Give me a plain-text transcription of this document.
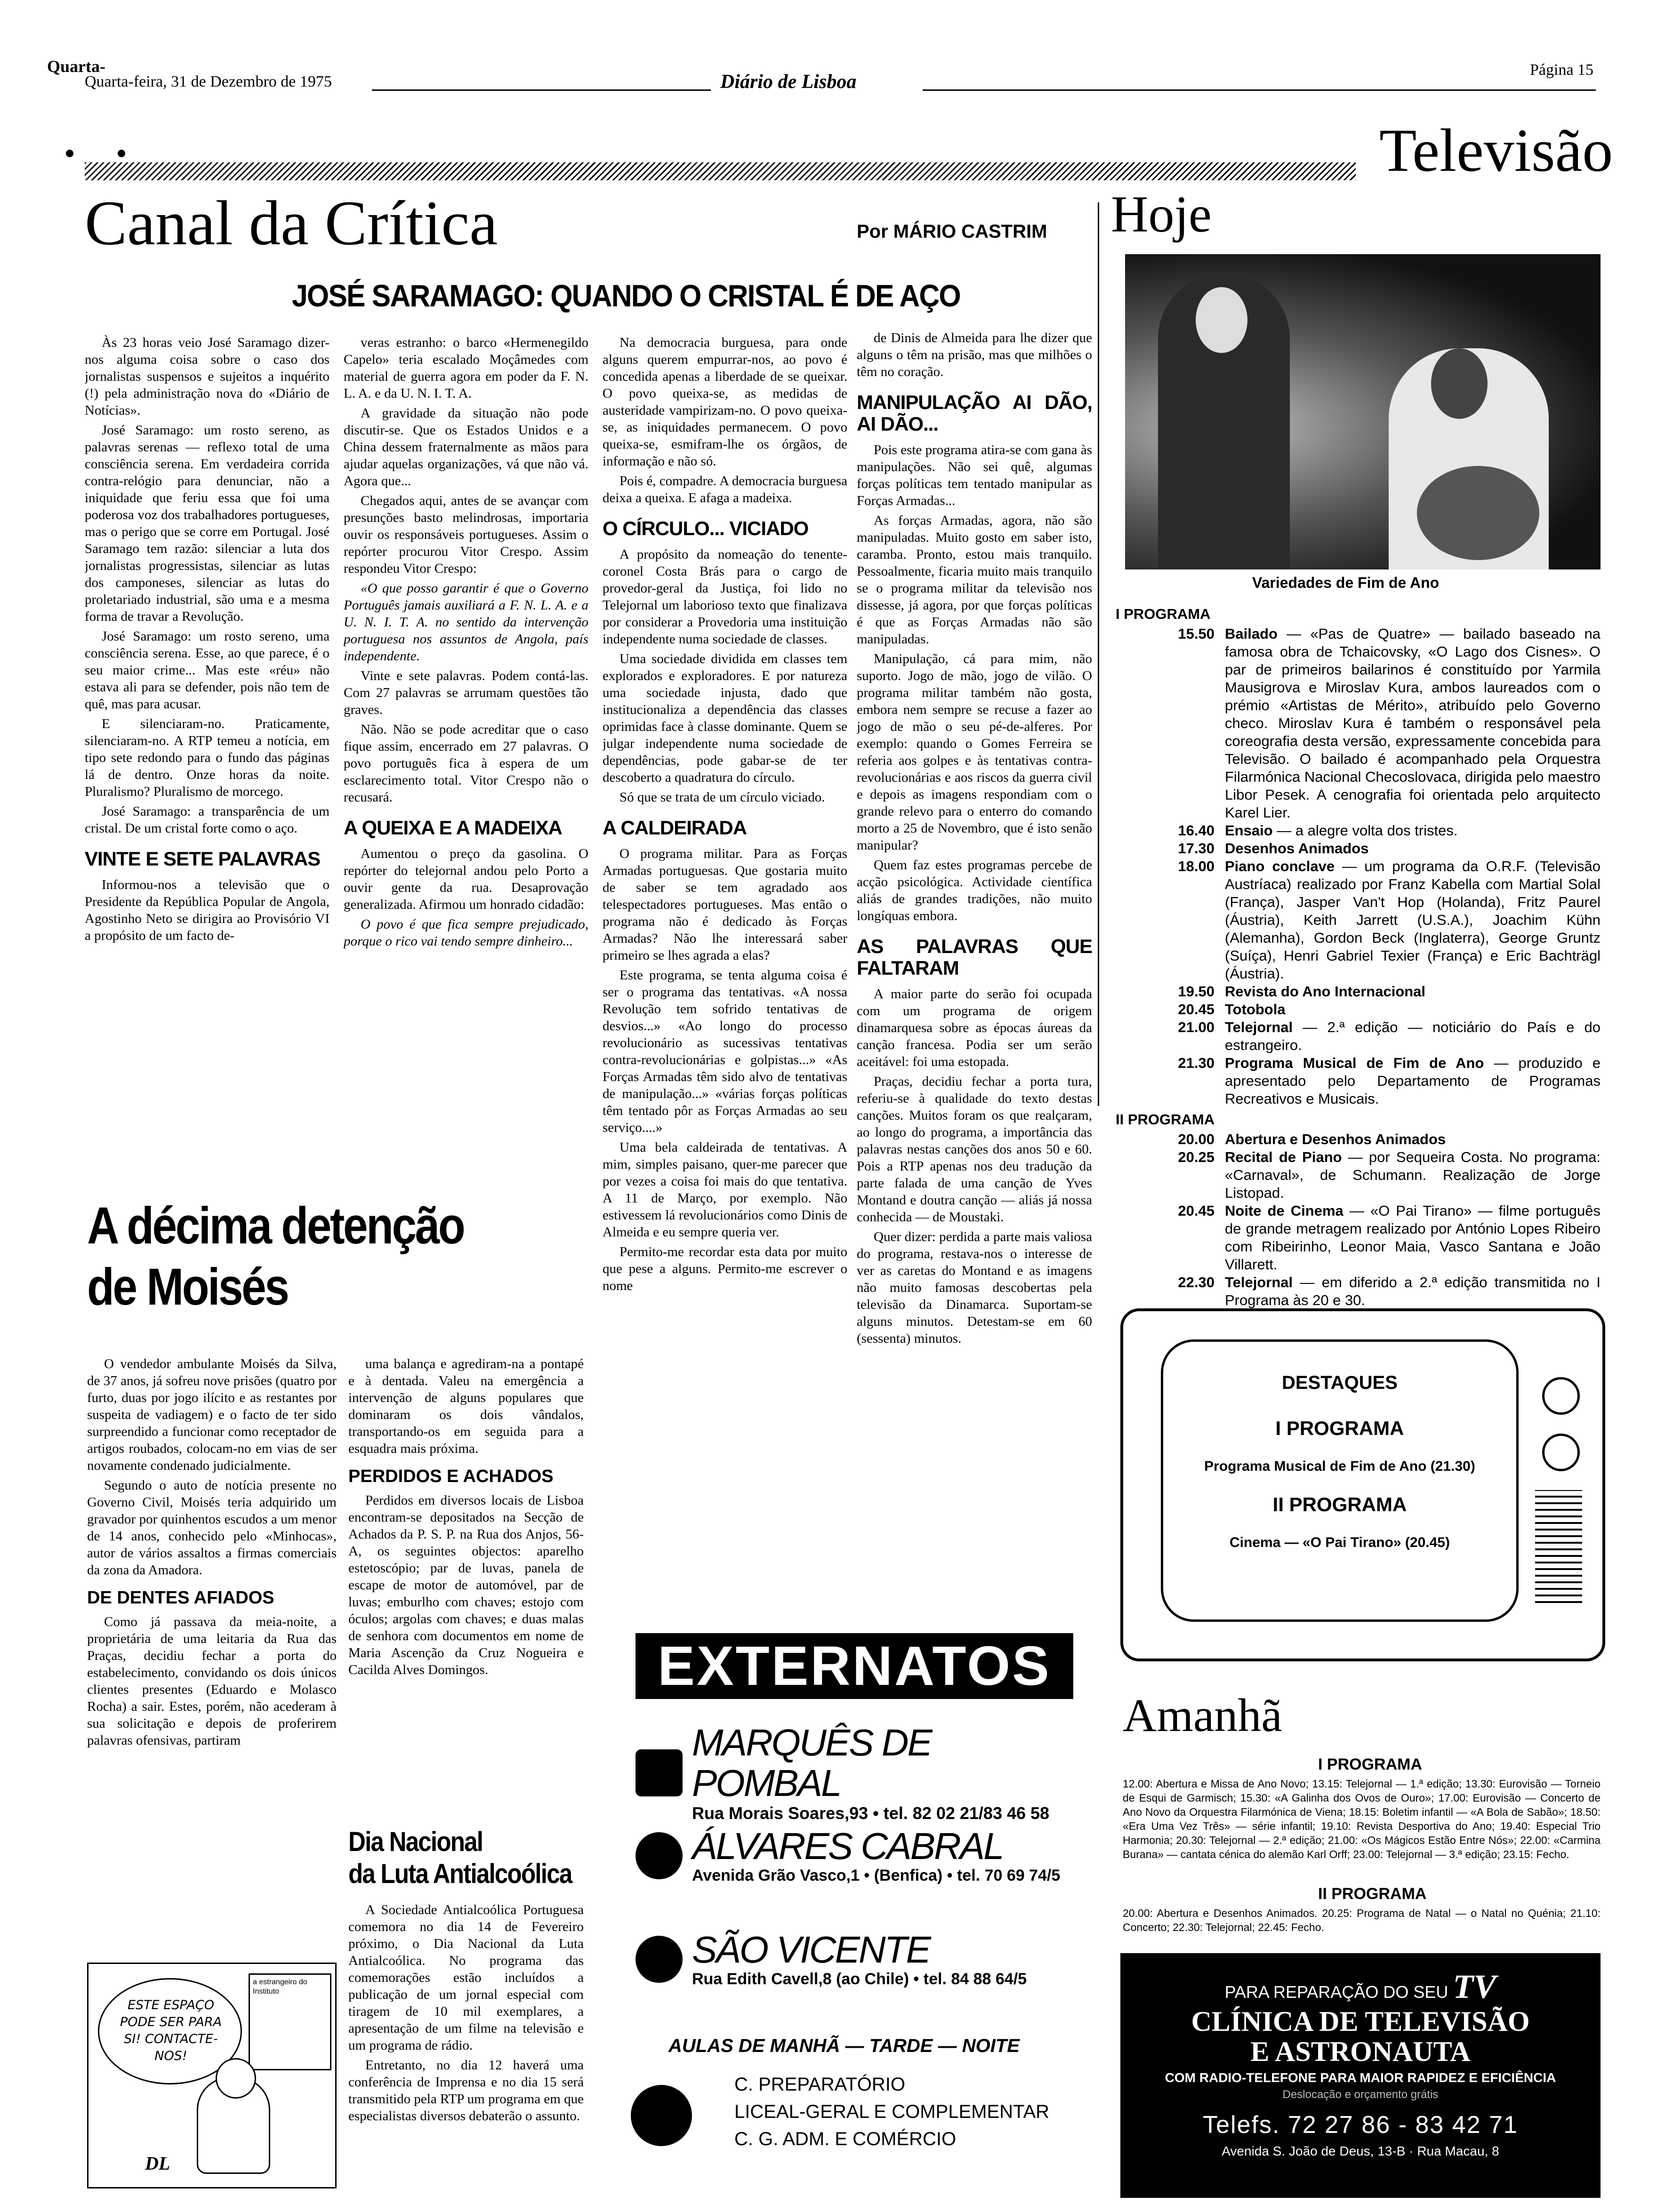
Quarta-
Quarta-feira, 31 de Dezembro de 1975	Diário de Lisboa
Página 15
Televisão
Canal da Crítica	Por MÁRIO CASTRIM
JOSÉ SARAMAGO: QUANDO O CRISTAL É DE AÇO

Às 23 horas veio José Saramago dizer-nos alguma coisa sobre o caso dos jornalistas suspensos e sujeitos a inquérito (!) pela administração nova do «Diário de Notícias».

José Saramago: um rosto sereno, as palavras serenas — reflexo total de uma consciência serena. Em verdadeira corrida contra-relógio para denunciar, não a iniquidade que feriu essa que foi uma poderosa voz dos trabalhadores portugueses, mas o perigo que se corre em Portugal. José Saramago tem razão: silenciar a luta dos jornalistas progressistas, silenciar as lutas dos camponeses, silenciar as lutas do proletariado industrial, são uma e a mesma forma de travar a Revolução.

José Saramago: um rosto sereno, uma consciência serena. Esse, ao que parece, é o seu maior crime... Mas este «réu» não estava ali para se defender, pois não tem de quê, mas para acusar.

E silenciaram-no. Praticamente, silenciaram-no. A RTP temeu a notícia, em tipo sete redondo para o fundo das páginas lá de dentro. Onze horas da noite. Pluralismo? Pluralismo de morcego.

José Saramago: a transparência de um cristal. De um cristal forte como o aço.

VINTE E SETE PALAVRAS

Informou-nos a televisão que o Presidente da República Popular de Angola, Agostinho Neto se dirigira ao Provisório VI a propósito de um facto de-

veras estranho: o barco «Hermenegildo Capelo» teria escalado Moçâmedes com material de guerra agora em poder da F. N. L. A. e da U. N. I. T. A.

A gravidade da situação não pode discutir-se. Que os Estados Unidos e a China dessem fraternalmente as mãos para ajudar aquelas organizações, vá que não vá. Agora que...

Chegados aqui, antes de se avançar com presunções basto melindrosas, importaria ouvir os responsáveis portugueses. Assim o repórter procurou Vitor Crespo. Assim respondeu Vitor Crespo:

«O que posso garantir é que o Governo Português jamais auxiliará a F. N. L. A. e a U. N. I. T. A. no sentido da intervenção portuguesa nos assuntos de Angola, país independente.

Vinte e sete palavras. Podem contá-las. Com 27 palavras se arrumam questões tão graves.

Não. Não se pode acreditar que o caso fique assim, encerrado em 27 palavras. O povo português fica à espera de um esclarecimento total. Vitor Crespo não o recusará.

A QUEIXA E A MADEIXA

Aumentou o preço da gasolina. O repórter do telejornal andou pelo Porto a ouvir gente da rua. Desaprovação generalizada. Afirmou um honrado cidadão:

O povo é que fica sempre prejudicado, porque o rico vai tendo sempre dinheiro...

Na democracia burguesa, para onde alguns querem empurrar-nos, ao povo é concedida apenas a liberdade de se queixar. O povo queixa-se, as medidas de austeridade vampirizam-no. O povo queixa-se, as iniquidades permanecem. O povo queixa-se, esmifram-lhe os órgãos, de informação e não só.

Pois é, compadre. A democracia burguesa deixa a queixa. E afaga a madeixa.

O CÍRCULO... VICIADO

A propósito da nomeação do tenente-coronel Costa Brás para o cargo de provedor-geral da Justiça, foi lido no Telejornal um laborioso texto que finalizava por considerar a Provedoria uma instituição independente numa sociedade de classes.

Uma sociedade dividida em classes tem explorados e exploradores. E por natureza uma sociedade injusta, dado que institucionaliza a dependência das classes oprimidas face à classe dominante. Quem se julgar independente numa sociedade de dependências, pode gabar-se de ter descoberto a quadratura do círculo.

Só que se trata de um círculo viciado.

A CALDEIRADA

O programa militar. Para as Forças Armadas portuguesas. Que gostaria muito de saber se tem agradado aos telespectadores portugueses. Mas então o programa não é dedicado às Forças Armadas? Não lhe interessará saber primeiro se lhes agrada a elas?

Este programa, se tenta alguma coisa é ser o programa das tentativas. «A nossa Revolução tem sofrido tentativas de desvios...» «Ao longo do processo revolucionário as sucessivas tentativas contra-revolucionárias e golpistas...» «As Forças Armadas têm sido alvo de tentativas de manipulação...» «várias forças políticas têm tentado pôr as Forças Armadas ao seu serviço....»

Uma bela caldeirada de tentativas. A mim, simples paisano, quer-me parecer que por vezes a coisa foi mais do que tentativa. A 11 de Março, por exemplo. Não estivessem lá revolucionários como Dinis de Almeida e eu sempre queria ver.

Permito-me recordar esta data por muito que pese a alguns. Permito-me escrever o nome

de Dinis de Almeida para lhe dizer que alguns o têm na prisão, mas que milhões o têm no coração.

MANIPULAÇÃO AI DÃO, AI DÃO...

Pois este programa atira-se com gana às manipulações. Não sei quê, algumas forças políticas tem tentado manipular as Forças Armadas...

As forças Armadas, agora, não são manipuladas. Muito gosto em saber isto, caramba. Pronto, estou mais tranquilo. Pessoalmente, ficaria muito mais tranquilo se o programa militar da televisão nos dissesse, já agora, por que forças políticas é que as Forças Armadas não são manipuladas.

Manipulação, cá para mim, não suporto. Jogo de mão, jogo de vilão. O programa militar também não gosta, embora nem sempre se recuse a fazer ao jogo de mão o seu pé-de-alferes. Por exemplo: quando o Gomes Ferreira se referia aos golpes e às tentativas contra-revolucionárias e aos riscos da guerra civil e depois as imagens respondiam com o grande relevo para o enterro do comando morto a 25 de Novembro, que é isto senão manipular?

Quem faz estes programas percebe de acção psicológica. Actividade científica aliás de grandes tradições, não muito longíquas embora.

AS PALAVRAS QUE FALTARAM

A maior parte do serão foi ocupada com um programa de origem dinamarquesa sobre as épocas áureas da canção francesa. Podia ser um serão aceitável: foi uma estopada.

Praças, decidiu fechar a porta tura, referiu-se à qualidade do texto destas canções. Muitos foram os que realçaram, ao longo do programa, a importância das palavras nestas canções dos anos 50 e 60. Pois a RTP apenas nos deu tradução da parte falada de uma canção de Yves Montand e doutra canção — aliás já nossa conhecida — de Moustaki.

Quer dizer: perdida a parte mais valiosa do programa, restava-nos o interesse de ver as caretas do Montand e as imagens não muito famosas descobertas pela televisão da Dinamarca. Suportam-se alguns minutos. Detestam-se em 60 (sessenta) minutos.

A décima detenção
de Moisés

O vendedor ambulante Moisés da Silva, de 37 anos, já sofreu nove prisões (quatro por furto, duas por jogo ilícito e as restantes por suspeita de vadiagem) e o facto de ter sido surpreendido a funcionar como receptador de artigos roubados, colocam-no em vias de ser novamente condenado judicialmente.

Segundo o auto de notícia presente no Governo Civil, Moisés teria adquirido um gravador por quinhentos escudos a um menor de 14 anos, conhecido pelo «Minhocas», autor de vários assaltos a firmas comerciais da zona da Amadora.

DE DENTES AFIADOS

Como já passava da meia-noite, a proprietária de uma leitaria da Rua das Praças, decidiu fechar a porta do estabelecimento, convidando os dois únicos clientes presentes (Eduardo e Molasco Rocha) a sair. Estes, porém, não acederam à sua solicitação e depois de proferirem palavras ofensivas, partiram

uma balança e agrediram-na a pontapé e à dentada. Valeu na emergência a intervenção de alguns populares que dominaram os dois vândalos, transportando-os em seguida para a esquadra mais próxima.

PERDIDOS E ACHADOS

Perdidos em diversos locais de Lisboa encontram-se depositados na Secção de Achados da P. S. P. na Rua dos Anjos, 56-A, os seguintes objectos: aparelho estetoscópio; par de luvas, panela de escape de motor de automóvel, par de luvas; emburlho com chaves; estojo com óculos; argolas com chaves; e duas malas de senhora com documentos em nome de Maria Ascenção da Cruz Nogueira e Cacilda Alves Domingos.

Dia Nacional
da Luta Antialcoólica

A Sociedade Antialcoólica Portuguesa comemora no dia 14 de Fevereiro próximo, o Dia Nacional da Luta Antialcoólica. No programa das comemorações estão incluídos a publicação de um jornal especial com tiragem de 10 mil exemplares, a apresentação de um filme na televisão e um programa de rádio.

Entretanto, no dia 12 haverá uma conferência de Imprensa e no dia 15 será transmitido pela RTP um programa em que especialistas diversos debaterão o assunto.

ESTE ESPAÇO PODE SER PARA SI! CONTACTE-NOS!
a estrangeiro do Instituto
DL
EXTERNATOS
MARQUÊS DE POMBAL
Rua Morais Soares,93 • tel. 82 02 21/83 46 58
ÁLVARES CABRAL
Avenida Grão Vasco,1 • (Benfica) • tel. 70 69 74/5
SÃO VICENTE
Rua Edith Cavell,8 (ao Chile) • tel. 84 88 64/5
AULAS DE MANHÃ — TARDE — NOITE
C. PREPARATÓRIO
LICEAL-GERAL E COMPLEMENTAR
C. G. ADM. E COMÉRCIO
Hoje
Variedades de Fim de Ano
I PROGRAMA
15.50 Bailado — «Pas de Quatre» — bailado baseado na famosa obra de Tchaicovsky, «O Lago dos Cisnes». O par de primeiros bailarinos é constituído por Yarmila Mausigrova e Miroslav Kura, ambos laureados com o prémio «Artistas de Mérito», atribuído pelo Governo checo. Miroslav Kura é também o responsável pela coreografia desta versão, expressamente concebida para Televisão. O bailado é acompanhado pela Orquestra Filarmónica Nacional Checoslovaca, dirigida pelo maestro Libor Pesek. A cenografia foi orientada pelo arquitecto Karel Lier.
16.40 Ensaio — a alegre volta dos tristes.
17.30 Desenhos Animados
18.00 Piano conclave — um programa da O.R.F. (Televisão Austríaca) realizado por Franz Kabella com Martial Solal (França), Jasper Van't Hop (Holanda), Fritz Paurel (Áustria), Keith Jarrett (U.S.A.), Joachim Kühn (Alemanha), Gordon Beck (Inglaterra), George Gruntz (Suíça), Henri Gabriel Texier (França) e Eric Bachträgl (Áustria).
19.50 Revista do Ano Internacional
20.45 Totobola
21.00 Telejornal — 2.ª edição — noticiário do País e do estrangeiro.
21.30 Programa Musical de Fim de Ano — produzido e apresentado pelo Departamento de Programas Recreativos e Musicais.
II PROGRAMA
20.00 Abertura e Desenhos Animados
20.25 Recital de Piano — por Sequeira Costa. No programa: «Carnaval», de Schumann. Realização de Jorge Listopad.
20.45 Noite de Cinema — «O Pai Tirano» — filme português de grande metragem realizado por António Lopes Ribeiro com Ribeirinho, Leonor Maia, Vasco Santana e João Villarett.
22.30 Telejornal — em diferido a 2.ª edição transmitida no I Programa às 20 e 30.
DESTAQUES
I PROGRAMA
Programa Musical de Fim de Ano (21.30)
II PROGRAMA
Cinema — «O Pai Tirano» (20.45)
Amanhã
I PROGRAMA
12.00: Abertura e Missa de Ano Novo; 13.15: Telejornal — 1.ª edição; 13.30: Eurovisão — Torneio de Esqui de Garmisch; 15.30: «A Galinha dos Ovos de Ouro»; 17.00: Eurovisão — Concerto de Ano Novo da Orquestra Filarmónica de Viena; 18.15: Boletim infantil — «A Bola de Sabão»; 18.50: «Era Uma Vez Três» — série infantil; 19.10: Revista Desportiva do Ano; 19.40: Especial Trio Harmonia; 20.30: Telejornal — 2.ª edição; 21.00: «Os Mágicos Estão Entre Nós»; 22.00: «Carmina Burana» — cantata cénica do alemão Karl Orff; 23.00: Telejornal — 3.ª edição; 23.15: Fecho.
II PROGRAMA
20.00: Abertura e Desenhos Animados. 20.25: Programa de Natal — o Natal no Quénia; 21.10: Concerto; 22.30: Telejornal; 22.45: Fecho.
PARA REPARAÇÃO DO SEU TV
CLÍNICA DE TELEVISÃO
E ASTRONAUTA
COM RADIO-TELEFONE PARA MAIOR RAPIDEZ E EFICIÊNCIA
Deslocação e orçamento grátis
Telefs. 72 27 86 - 83 42 71
Avenida S. João de Deus, 13-B · Rua Macau, 8
